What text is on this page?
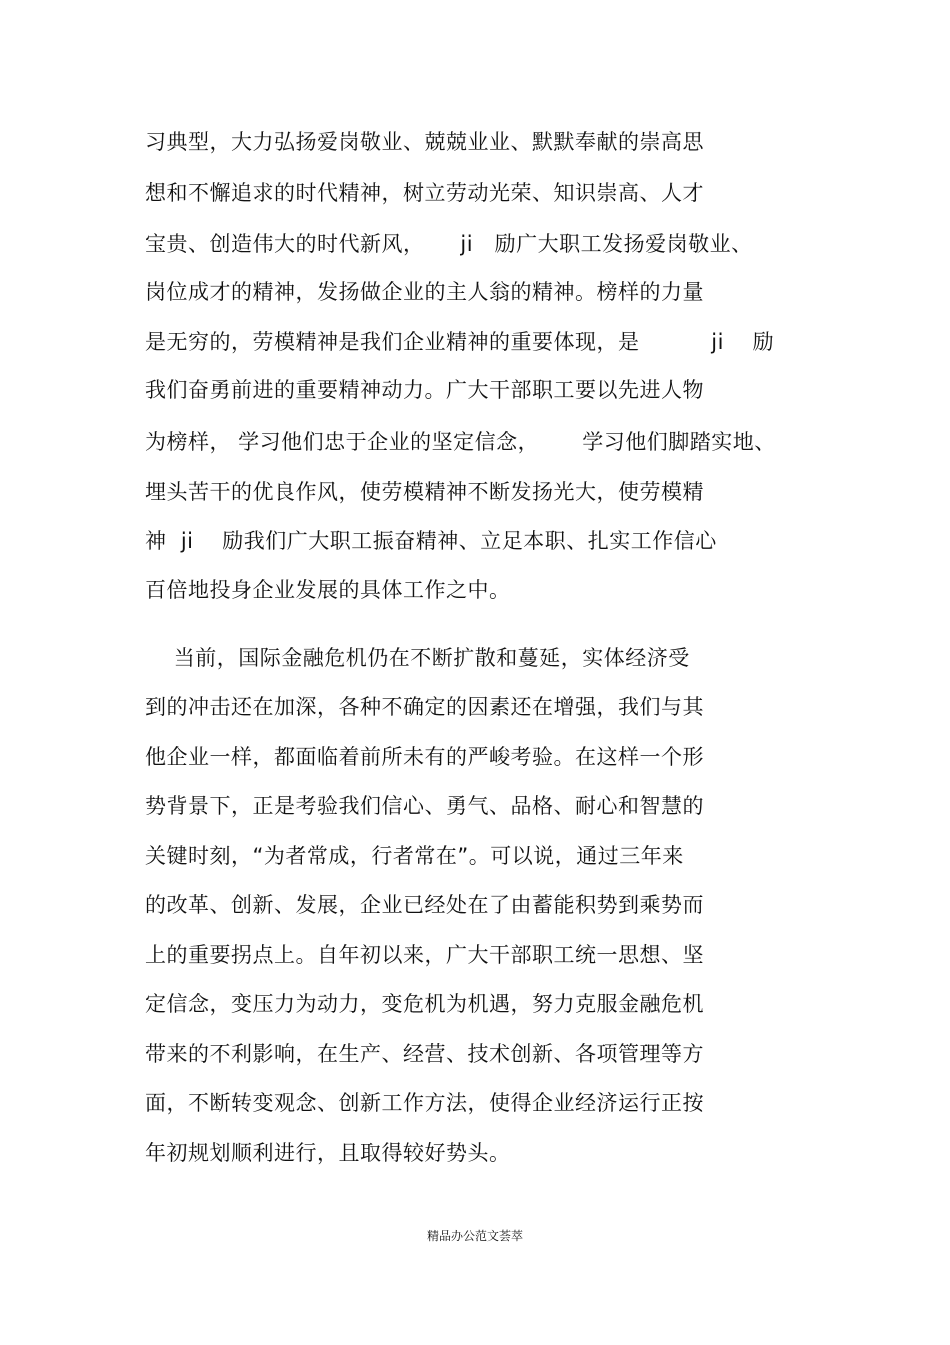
习典型，大力弘扬爱岗敬业、兢兢业业、默默奉献的崇高思
想和不懈追求的时代精神，树立劳动光荣、知识崇高、人才
宝贵、创造伟大的时代新风，     ji   励广大职工发扬爱岗敬业、
岗位成才的精神，发扬做企业的主人翁的精神。榜样的力量
是无穷的，劳模精神是我们企业精神的重要体现，是          ji    励
我们奋勇前进的重要精神动力。广大干部职工要以先进人物
为榜样， 学习他们忠于企业的坚定信念，      学习他们脚踏实地、
埋头苦干的优良作风，使劳模精神不断发扬光大，使劳模精
神  ji    励我们广大职工振奋精神、立足本职、扎实工作信心
百倍地投身企业发展的具体工作之中。
当前，国际金融危机仍在不断扩散和蔓延，实体经济受
到的冲击还在加深，各种不确定的因素还在增强，我们与其
他企业一样，都面临着前所未有的严峻考验。在这样一个形
势背景下，正是考验我们信心、勇气、品格、耐心和智慧的
关键时刻，“为者常成，行者常在”。可以说，通过三年来
的改革、创新、发展，企业已经处在了由蓄能积势到乘势而
上的重要拐点上。自年初以来，广大干部职工统一思想、坚
定信念，变压力为动力，变危机为机遇，努力克服金融危机
带来的不利影响，在生产、经营、技术创新、各项管理等方
面，不断转变观念、创新工作方法，使得企业经济运行正按
年初规划顺利进行，且取得较好势头。
精品办公范文荟萃
